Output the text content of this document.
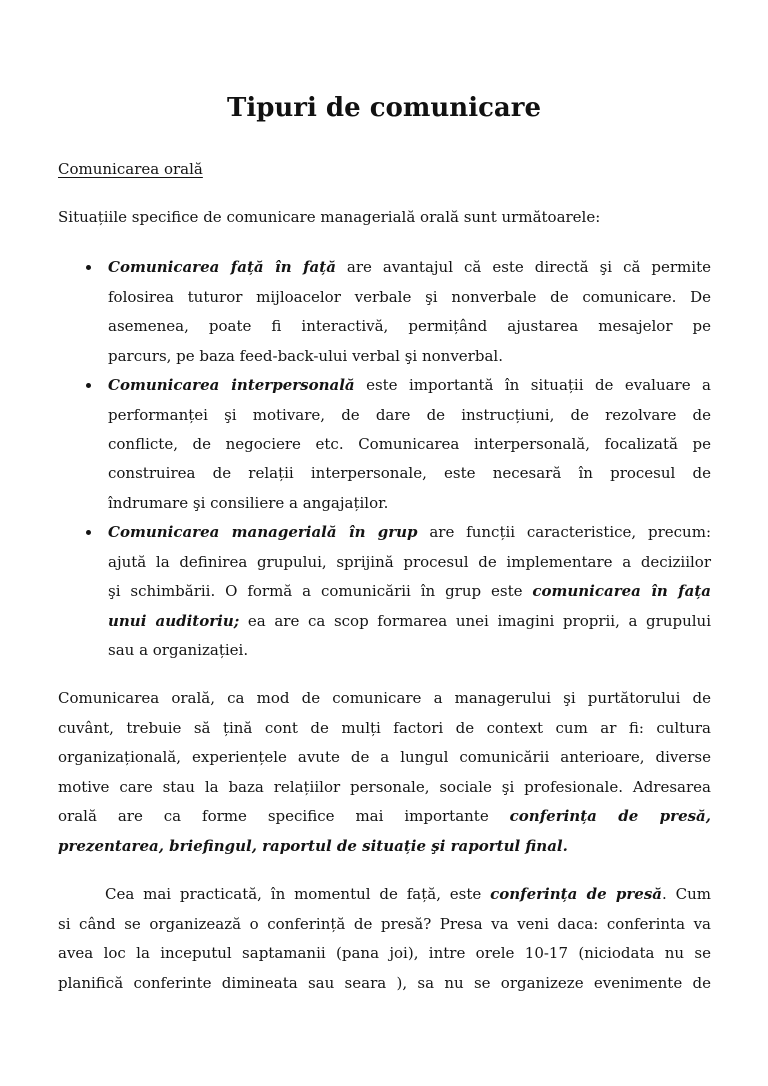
Tipuri de comunicare
Comunicarea orală
Situațiile specifice de comunicare managerială orală sunt următoarele:
Comunicarea față în față are avantajul că este directă şi că permite
folosirea tuturor mijloacelor verbale şi nonverbale de comunicare. De
asemenea, poate fi interactivă, permițând ajustarea mesajelor pe
parcurs, pe baza feed-back-ului verbal şi nonverbal.
Comunicarea interpersonală este importantă în situații de evaluare a
performanței şi motivare, de dare de instrucțiuni, de rezolvare de
conflicte, de negociere etc. Comunicarea interpersonală, focalizată pe
construirea de relații interpersonale, este necesară în procesul de
îndrumare şi consiliere a angajaților.
Comunicarea managerială în grup are funcții caracteristice, precum:
ajută la definirea grupului, sprijină procesul de implementare a deciziilor
şi schimbării. O formă a comunicării în grup este comunicarea în fața
unui auditoriu; ea are ca scop formarea unei imagini proprii, a grupului
sau a organizației.
Comunicarea orală, ca mod de comunicare a managerului şi purtătorului de
cuvânt, trebuie să țină cont de mulți factori de context cum ar fi: cultura
organizațională, experiențele avute de a lungul comunicării anterioare, diverse
motive care stau la baza relațiilor personale, sociale şi profesionale. Adresarea
orală are ca forme specifice mai importante conferința de presă,
prezentarea, briefingul, raportul de situație şi raportul final.
Cea mai practicată, în momentul de față, este conferința de presă. Cum
si când se organizează o conferință de presă? Presa va veni daca: conferinta va
avea loc la inceputul saptamanii (pana joi), intre orele 10-17 (niciodata nu se
planifică conferinte dimineata sau seara ), sa nu se organizeze evenimente de
